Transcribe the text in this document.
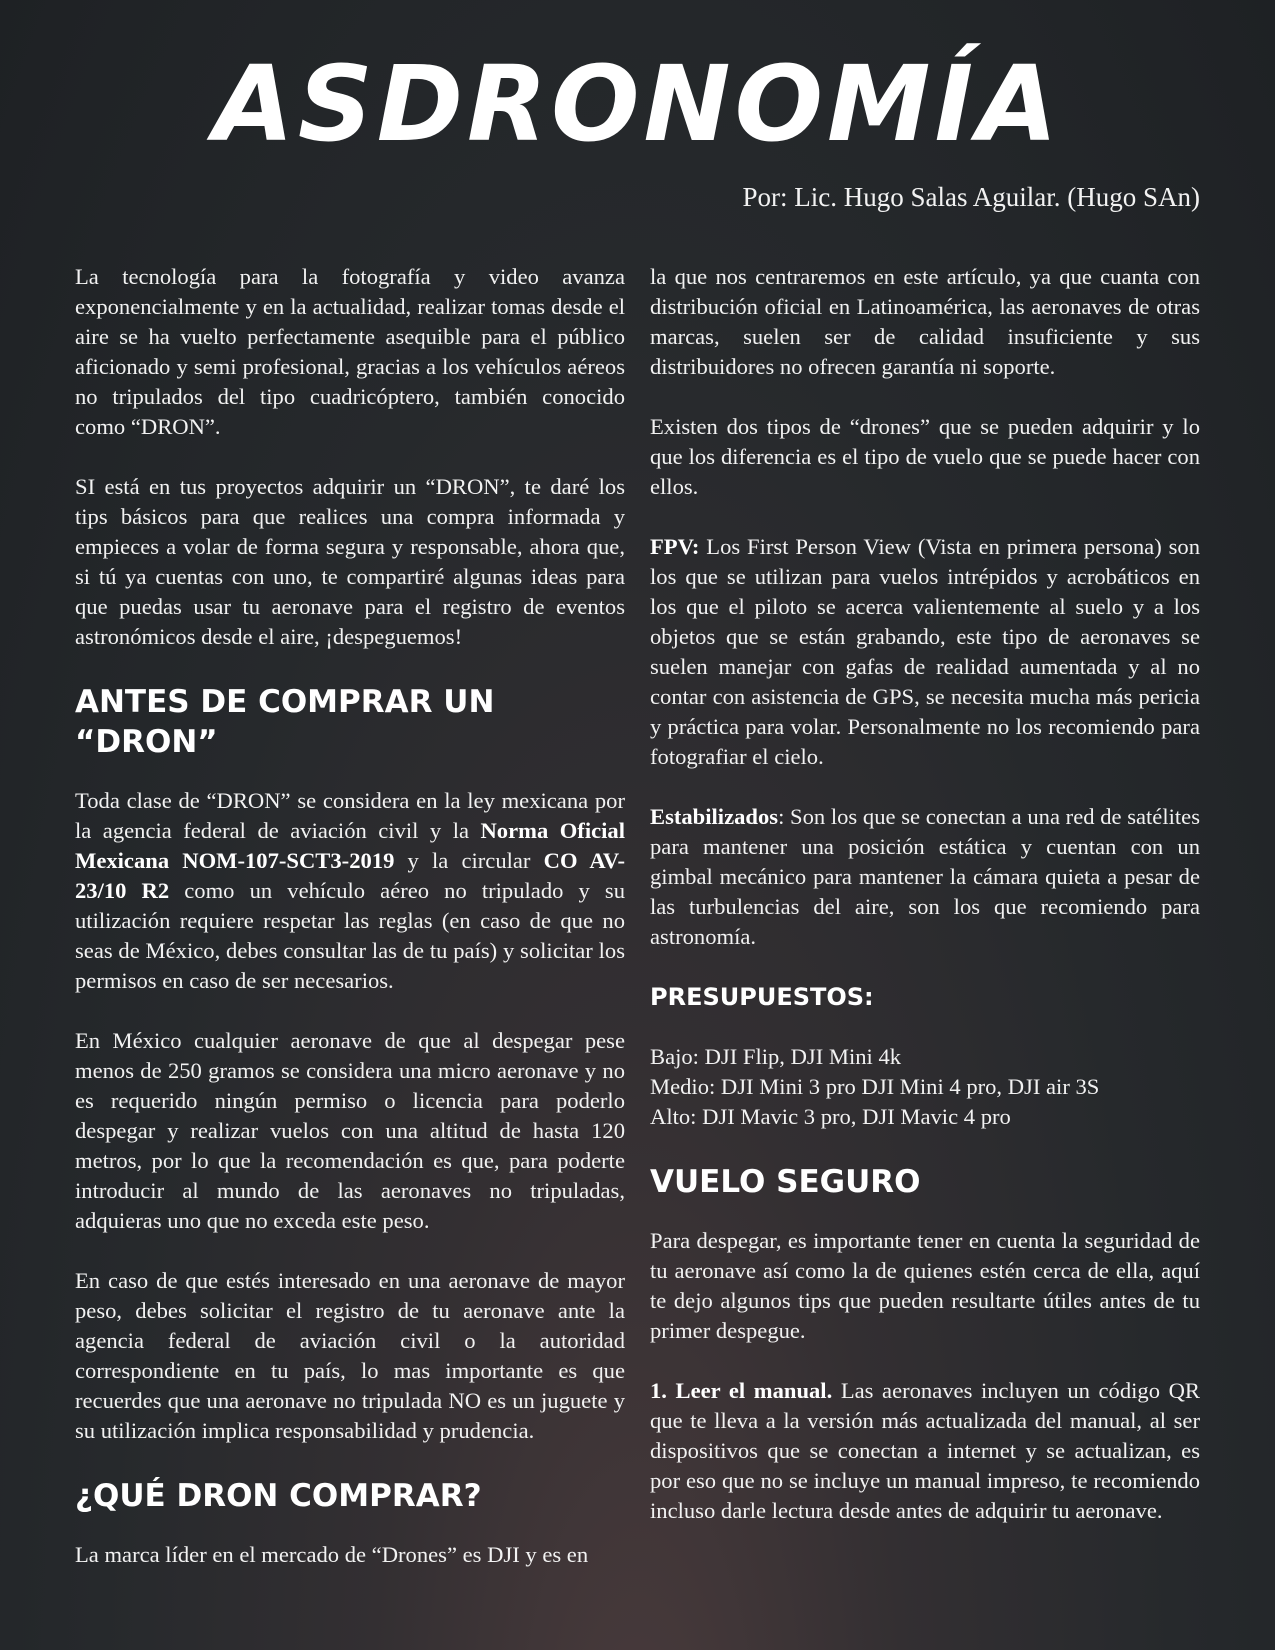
ASDRONOMÍA
Por: Lic. Hugo Salas Aguilar. (Hugo SAn)

La tecnología para la fotografía y video avanza exponencialmente y en la actualidad, realizar tomas desde el aire se ha vuelto perfectamente asequible para el público aficionado y semi profesional, gracias a los vehículos aéreos no tripulados del tipo cuadricóptero, también conocido como “DRON”.

SI está en tus proyectos adquirir un “DRON”, te daré los tips básicos para que realices una compra informada y empieces a volar de forma segura y responsable, ahora que, si tú ya cuentas con uno, te compartiré algunas ideas para que puedas usar tu aeronave para el registro de eventos astronómicos desde el aire, ¡despeguemos!

ANTES DE COMPRAR UN “DRON”

Toda clase de “DRON” se considera en la ley mexicana por la agencia federal de aviación civil y la Norma Oficial Mexicana NOM-107-SCT3-2019 y la circular CO AV-23/10 R2 como un vehículo aéreo no tripulado y su utilización requiere respetar las reglas (en caso de que no seas de México, debes consultar las de tu país) y solicitar los permisos en caso de ser necesarios.

En México cualquier aeronave de que al despegar pese menos de 250 gramos se considera una micro aeronave y no es requerido ningún permiso o licencia para poderlo despegar y realizar vuelos con una altitud de hasta 120 metros, por lo que la recomendación es que, para poderte introducir al mundo de las aeronaves no tripuladas, adquieras uno que no exceda este peso.

En caso de que estés interesado en una aeronave de mayor peso, debes solicitar el registro de tu aeronave ante la agencia federal de aviación civil o la autoridad correspondiente en tu país, lo mas importante es que recuerdes que una aeronave no tripulada NO es un juguete y su utilización implica responsabilidad y prudencia.

¿QUÉ DRON COMPRAR?

La marca líder en el mercado de “Drones” es DJI y es en

la que nos centraremos en este artículo, ya que cuanta con distribución oficial en Latinoamérica, las aeronaves de otras marcas, suelen ser de calidad insuficiente y sus distribuidores no ofrecen garantía ni soporte.

Existen dos tipos de “drones” que se pueden adquirir y lo que los diferencia es el tipo de vuelo que se puede hacer con ellos.

FPV: Los First Person View (Vista en primera persona) son los que se utilizan para vuelos intrépidos y acrobáticos en los que el piloto se acerca valientemente al suelo y a los objetos que se están grabando, este tipo de aeronaves se suelen manejar con gafas de realidad aumentada y al no contar con asistencia de GPS, se necesita mucha más pericia y práctica para volar. Personalmente no los recomiendo para fotografiar el cielo.

Estabilizados: Son los que se conectan a una red de satélites para mantener una posición estática y cuentan con un gimbal mecánico para mantener la cámara quieta a pesar de las turbulencias del aire, son los que recomiendo para astronomía.

PRESUPUESTOS:

Bajo: DJI Flip, DJI Mini 4k
Medio: DJI Mini 3 pro DJI Mini 4 pro, DJI air 3S
Alto: DJI Mavic 3 pro, DJI Mavic 4 pro

VUELO SEGURO

Para despegar, es importante tener en cuenta la seguridad de tu aeronave así como la de quienes estén cerca de ella, aquí te dejo algunos tips que pueden resultarte útiles antes de tu primer despegue.

1. Leer el manual. Las aeronaves incluyen un código QR que te lleva a la versión más actualizada del manual, al ser dispositivos que se conectan a internet y se actualizan, es por eso que no se incluye un manual impreso, te recomiendo incluso darle lectura desde antes de adquirir tu aeronave.
